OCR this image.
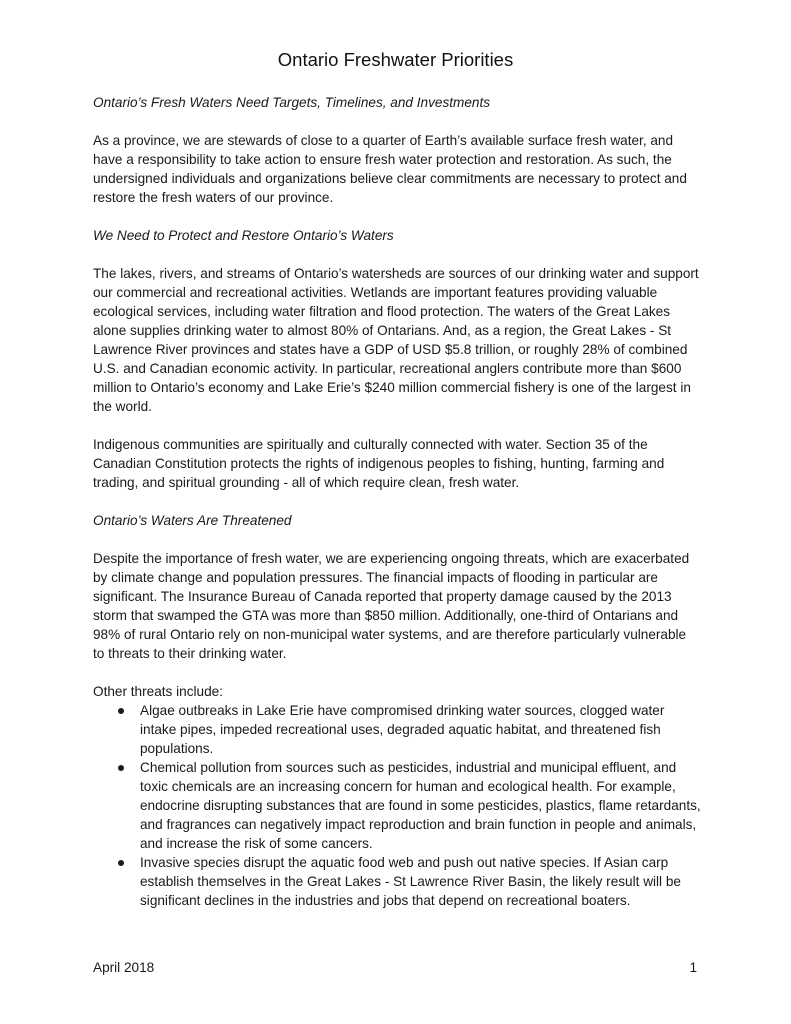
Ontario Freshwater Priorities
Ontario’s Fresh Waters Need Targets, Timelines, and Investments

As a province, we are stewards of close to a quarter of Earth’s available surface fresh water, and have a responsibility to take action to ensure fresh water protection and restoration. As such, the undersigned individuals and organizations believe clear commitments are necessary to protect and restore the fresh waters of our province.

We Need to Protect and Restore Ontario’s Waters

The lakes, rivers, and streams of Ontario’s watersheds are sources of our drinking water and support our commercial and recreational activities. Wetlands are important features providing valuable ecological services, including water filtration and flood protection. The waters of the Great Lakes alone supplies drinking water to almost 80% of Ontarians. And, as a region, the Great Lakes - St Lawrence River provinces and states have a GDP of USD $5.8 trillion, or roughly 28% of combined U.S. and Canadian economic activity. In particular, recreational anglers contribute more than $600 million to Ontario’s economy and Lake Erie’s $240 million commercial fishery is one of the largest in the world.

Indigenous communities are spiritually and culturally connected with water. Section 35 of the Canadian Constitution protects the rights of indigenous peoples to fishing, hunting, farming and trading, and spiritual grounding - all of which require clean, fresh water.

Ontario’s Waters Are Threatened

Despite the importance of fresh water, we are experiencing ongoing threats, which are exacerbated by climate change and population pressures. The financial impacts of flooding in particular are significant. The Insurance Bureau of Canada reported that property damage caused by the 2013 storm that swamped the GTA was more than $850 million. Additionally, one-third of Ontarians and 98% of rural Ontario rely on non-municipal water systems, and are therefore particularly vulnerable to threats to their drinking water.

Other threats include:
Algae outbreaks in Lake Erie have compromised drinking water sources, clogged water intake pipes, impeded recreational uses, degraded aquatic habitat, and threatened fish populations.
Chemical pollution from sources such as pesticides, industrial and municipal effluent, and toxic chemicals are an increasing concern for human and ecological health. For example, endocrine disrupting substances that are found in some pesticides, plastics, flame retardants, and fragrances can negatively impact reproduction and brain function in people and animals, and increase the risk of some cancers.
Invasive species disrupt the aquatic food web and push out native species. If Asian carp establish themselves in the Great Lakes - St Lawrence River Basin, the likely result will be significant declines in the industries and jobs that depend on recreational boaters.
April 2018	1
